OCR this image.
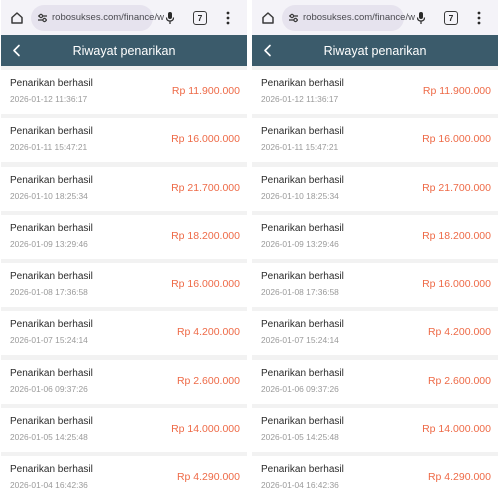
robosukses.com/finance/w	7
Riwayat penarikan
Penarikan berhasil
2026-01-12 11:36:17
Rp 11.900.000
Penarikan berhasil
2026-01-11 15:47:21
Rp 16.000.000
Penarikan berhasil
2026-01-10 18:25:34
Rp 21.700.000
Penarikan berhasil
2026-01-09 13:29:46
Rp 18.200.000
Penarikan berhasil
2026-01-08 17:36:58
Rp 16.000.000
Penarikan berhasil
2026-01-07 15:24:14
Rp 4.200.000
Penarikan berhasil
2026-01-06 09:37:26
Rp 2.600.000
Penarikan berhasil
2026-01-05 14:25:48
Rp 14.000.000
Penarikan berhasil
2026-01-04 16:42:36
Rp 4.290.000
robosukses.com/finance/w	7
Riwayat penarikan
Penarikan berhasil
2026-01-12 11:36:17
Rp 11.900.000
Penarikan berhasil
2026-01-11 15:47:21
Rp 16.000.000
Penarikan berhasil
2026-01-10 18:25:34
Rp 21.700.000
Penarikan berhasil
2026-01-09 13:29:46
Rp 18.200.000
Penarikan berhasil
2026-01-08 17:36:58
Rp 16.000.000
Penarikan berhasil
2026-01-07 15:24:14
Rp 4.200.000
Penarikan berhasil
2026-01-06 09:37:26
Rp 2.600.000
Penarikan berhasil
2026-01-05 14:25:48
Rp 14.000.000
Penarikan berhasil
2026-01-04 16:42:36
Rp 4.290.000
